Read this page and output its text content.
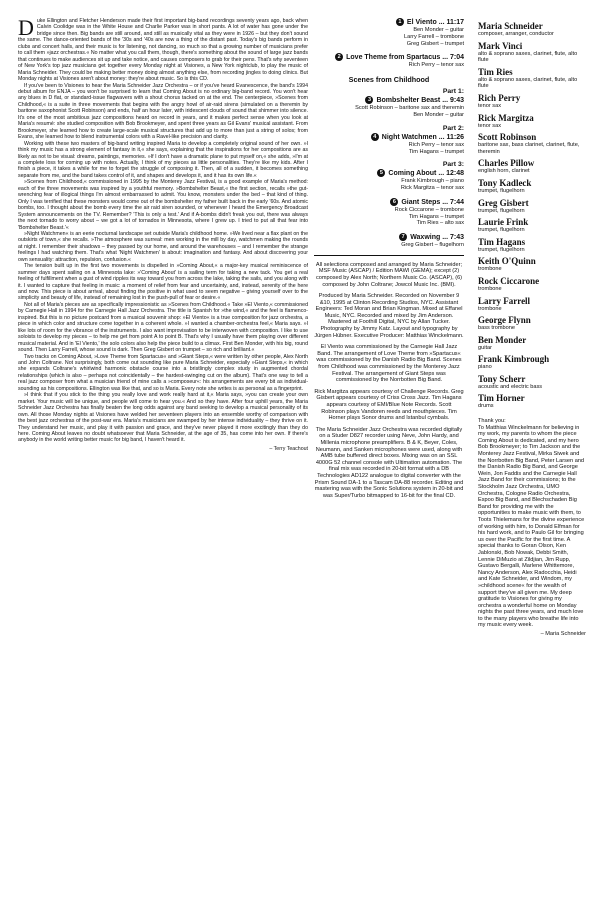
Duke Ellington and Fletcher Henderson made their first important big-band recordings seventy years ago, back when Calvin Coolidge was in the White House and Charlie Parker was in short pants. A lot of water has gone under the bridge since then. Big bands are still around, and still as musically vital as they were in 1926 – but they don't sound the same. The dance-oriented bands of the '30s and '40s are now a thing of the distant past. Today's big bands perform in clubs and concert halls, and their music is for listening, not dancing, so much so that a growing number of musicians prefer to call them »jazz orchestras.« No matter what you call them, though, there's something about the sound of large jazz bands that continues to make audiences sit up and take notice, and causes composers to grab for their pens. That's why seventeen of New York's top jazz musicians get together every Monday night at Visiones, a New York nightclub, to play the music of Maria Schneider. They could be making better money doing almost anything else, from recording jingles to doing clinics. But Monday nights at Visiones aren't about money: they're about music. So is this CD.

If you've been to Visiones to hear the Maria Schneider Jazz Orchestra – or if you've heard Evanescence, the band's 1994 debut album for ENJA – you won't be surprised to learn that Coming About is no ordinary big-band record. You won't hear any blues in D flat, or standard-issue flagwavers with a shout chorus tacked on at the end. The centerpiece, »Scenes from Childhood,« is a suite in three movements that begins with the angry howl of air-raid sirens (simulated on a theremin by baritone saxophonist Scott Robinson) and ends, half an hour later, with iridescent clouds of sound that shimmer into silence. It's one of the most ambitious jazz compositions heard on record in years, and it makes perfect sense when you look at Maria's resumé: she studied composition with Bob Brookmeyer, and spent three years as Gil Evans' musical assistant. From Brookmeyer, she learned how to create large-scale musical structures that add up to more than just a string of solos; from Evans, she learned how to blend instrumental colors with a Ravel-like precision and clarity.

Working with these two masters of big-band writing inspired Maria to develop a completely original sound of her own. »I think my music has a strong element of fantasy in it,« she says, explaining that the inspirations for her compositions are as likely as not to be visual: dreams, paintings, memories. »If I don't have a dramatic plane to put myself on,« she adds, »I'm at a complete loss for coming up with notes. Actually, I think of my pieces as little personalities. They're like my kids. After I finish a piece, it takes a while for me to forget the struggle of composing it. Then, all of a sudden, it becomes something separate from me, and the band takes control of it, and shapes and develops it, and it has its own life.«

»Scenes from Childhood,« commissioned in 1995 by the Monterey Jazz Festival, is a good example of Maria's method: each of the three movements was inspired by a youthful memory. »Bombshelter Beast,« the first section, recalls »the gut-wrenching fear of illogical things I'm almost embarrassed to admit. You know, monsters under the bed – that kind of thing. Only I was terrified that these monsters would come out of the bombshelter my father built back in the early '60s. And atomic bombs, too. I thought about the bomb every time the air raid siren sounded, or whenever I heard the Emergency Broadcast System announcements on the TV. Remember? 'This is only a test.' And if A-bombs didn't freak you out, there was always the next tornado to worry about – we got a lot of tornados in Minnesota, where I grew up. I tried to put all that fear into 'Bombshelter Beast.'«

»Night Watchmen« is an eerie nocturnal landscape set outside Maria's childhood home. »We lived near a flax plant on the outskirts of town,« she recalls. »The atmosphere was surreal: men working in the mill by day, watchmen making the rounds at night. I remember their shadows – they passed by our home, and around the warehouses – and I remember the strange feelings I had watching them. That's what 'Night Watchmen' is about: imagination and fantasy. And about discovering your own sensuality: attraction, repulsion, confusion.«

The tension built up in the first two movements is dispelled in »Coming About,« a major-key musical reminiscence of summer days spent sailing on a Minnesota lake: »'Coming About' is a sailing term for taking a new tack. You get a real feeling of fulfillment when a gust of wind ripples its way toward you from across the lake, taking the sails, and you along with it. I wanted to capture that feeling in music: a moment of relief from fear and uncertainty, and, instead, serenity of the here and now. This piece is about arrival, about finding the positive in what used to seem negative – giving yourself over to the simplicity and beauty of life, instead of remaining lost in the push-pull of fear or desire.«

Not all of Maria's pieces are as specifically impressionistic as »Scenes from Childhood.« Take »El Viento,« commissioned by Carnegie Hall in 1994 for the Carnegie Hall Jazz Orchestra. The title is Spanish for »the wind,« and the feel is flamenco-inspired. But this is no picture postcard from a musical souvenir shop: »El Viento« is a true composition for jazz orchestra, a piece in which color and structure come together in a coherent whole. »I wanted a chamber-orchestra feel,« Maria says. »I like lots of room for the vibrance of the instruments. I also want improvisation to be interwoven with composition. I like to use soloists to develop my pieces – to help me get from point A to point B. That's why I usually have them playing over different musical material. And in 'El Viento,' the solo colors also help the piece build to a climax. First Ben Monder, with his big, round sound. Then Larry Farrell, whose sound is dark. Then Greg Gisbert on trumpet – so rich and brilliant.«

Two tracks on Coming About, »Love Theme from Spartacus« and »Giant Steps,« were written by other people, Alex North and John Coltrane. Not surprisingly, both come out sounding like pure Maria Schneider, especially »Giant Steps,« in which she expands Coltrane's whirlwind harmonic obstacle course into a bristlingly complex study in augmented chordal relationships (which is also – perhaps not coincidentally – the hardest-swinging cut on the album). That's one way to tell a real jazz composer from what a musician friend of mine calls a »composeur«: his arrangements are every bit as individual-sounding as his compositions. Ellington was like that, and so is Maria. Every note she writes is as personal as a fingerprint.

»I think that if you stick to the thing you really love and work really hard at it,« Maria says, »you can create your own market. Your music will be unique, and people will come to hear you.« And so they have. After four uphill years, the Maria Schneider Jazz Orchestra has finally beaten the long odds against any band seeking to develop a musical personality of its own. All those Monday nights at Visiones have welded her seventeen players into an ensemble worthy of comparison with the best jazz orchestras of the post-war era. Maria's musicians are swamped by her intense individuality – they thrive on it. They understand her music, and play it with passion and grace, and they've never played it more excitingly than they do here. Coming About leaves no doubt whatsoever that Maria Schneider, at the age of 35, has come into her own. If there's anybody in the world writing better music for big band, I haven't heard it.

– Terry Teachout
1 El Viento ... 11:17
Ben Monder – guitar
Larry Farrell – trombone
Greg Gisbert – trumpet
2 Love Theme from Spartacus ... 7:04
Rich Perry – tenor sax
Scenes from Childhood
Part 1:
3 Bombshelter Beast ... 9:43
Scott Robinson – baritone sax and theremin
Ben Monder – guitar
Part 2:
4 Night Watchmen ... 11:26
Rich Perry – tenor sax
Tim Hagans – trumpet
Part 3:
5 Coming About ... 12:48
Frank Kimbrough – piano
Rick Margitza – tenor sax
6 Giant Steps ... 7:44
Rock Ciccarone – trombone
Tim Hagans – trumpet
Tim Ries – alto sax
7 Waxwing ... 7:43
Greg Gisbert – flugelhorn
All selections composed and arranged by Maria Schneider; MSF Music (ASCAP) / Edition MAWI (GEMA); except (2) composed by Alex North; Northern Music Co. (ASCAP), (6) composed by John Coltrane; Jowcol Music Inc. (BMI).
Produced by Maria Schneider. Recorded on November 9 &10, 1995 at Clinton Recording Studios, NYC. Assistant Engineers: Ted Moran and Brian Kingman. Mixed at Effanel Music, NYC. Recorded and mixed by Jim Anderson. Mastered at Foothill Digital, NYC by Allan Tucker. Photography by Jimmy Katz. Layout and typography by Jürgen Hübner. Executive Producer: Matthias Winckelmann.
El Viento was commissioned by the Carnegie Hall Jazz Band. The arrangement of Love Theme from »Spartacus« was commissioned by the Danish Radio Big Band. Scenes from Childhood was commissioned by the Monterey Jazz Festival. The arrangement of Giant Steps was commissioned by the Norrbotten Big Band.
Rick Margitza appears courtesy of Challenge Records. Greg Gisbert appears courtesy of Criss Cross Jazz. Tim Hagans appears courtesy of EMI/Blue Note Records. Scott Robinson plays Vandoren reeds and mouthpieces. Tim Horner plays Sonor drums and Istanbul cymbals.
The Maria Schneider Jazz Orchestra was recorded digitally on a Studer D827 recorder using Neve, John Hardy, and Millenia microphone preamplifiers. B & K, Beyer, Coles, Neumann, and Sanken microphones were used, along with AMB tube buffered direct boxes. Mixing was on an SSL 4000G 52 channel console with Ultimation automation. The final mix was recorded in 20-bit format with a DB Technologies AD122 analogue to digital converter with the Prism Sound DA-1 to a Tascam DA-88 recorder. Editing and mastering was with the Sonic Solutions system in 20-bit and was Super/Turbo bitmapped to 16-bit for the final CD.
Maria Schneider
composer, arranger, conductor
Mark Vinci
alto & soprano saxes, clarinet, flute, alto flute
Tim Ries
alto & soprano saxes, clarinet, flute, alto flute
Rich Perry
tenor sax
Rick Margitza
tenor sax
Scott Robinson
baritone sax, bass clarinet, clarinet, flute, theremin
Charles Pillow
english horn, clarinet
Tony Kadleck
trumpet, flugelhorn
Greg Gisbert
trumpet, flugelhorn
Laurie Frink
trumpet, flugelhorn
Tim Hagans
trumpet, flugelhorn
Keith O'Quinn
trombone
Rock Ciccarone
trombone
Larry Farrell
trombone
George Flynn
bass trombone
Ben Monder
guitar
Frank Kimbrough
piano
Tony Scherr
acoustic and electric bass
Tim Horner
drums
Thank you:
To Matthias Winckelmann for believing in my work, my parents to whom the piece Coming About is dedicated, and my hero Bob Brookmeyer; to Tim Jackson and the Monterey Jazz Festival, Mirka Siwek and the Norrbotten Big Band, Peter Larsen and the Danish Radio Big Band, and George Wein, Jon Faddis and the Carnegie Hall Jazz Band for their commissions; to the Stockholm Jazz Orchestra, UMO Orchestra, Cologne Radio Orchestra, Espoo Big Band, and Blechschaden Big Band for providing me with the opportunities to make music with them, to Toots Thielemans for the divine experience of working with him, to Donald Elfman for his hard work, and to Paulo Gil for bringing us over the Pacific for the first time. A special thanks to Goran Olson, Ken Jablonski, Bob Nowak, Debbi Smith, Lennie DiMuzio at Zildjian, Jim Rupp, Gustavo Bergalli, Marlene Whittemore, Nancy Anderson, Alex Radocchia, Heidi and Kate Schneider, and Windom, my »childhood scene« for the wealth of support they've all given me. My deep gratitude to Visiones for giving my orchestra a wonderful home on Monday nights the past three years, and much love to the many players who breathe life into my music every week.
– Maria Schneider
